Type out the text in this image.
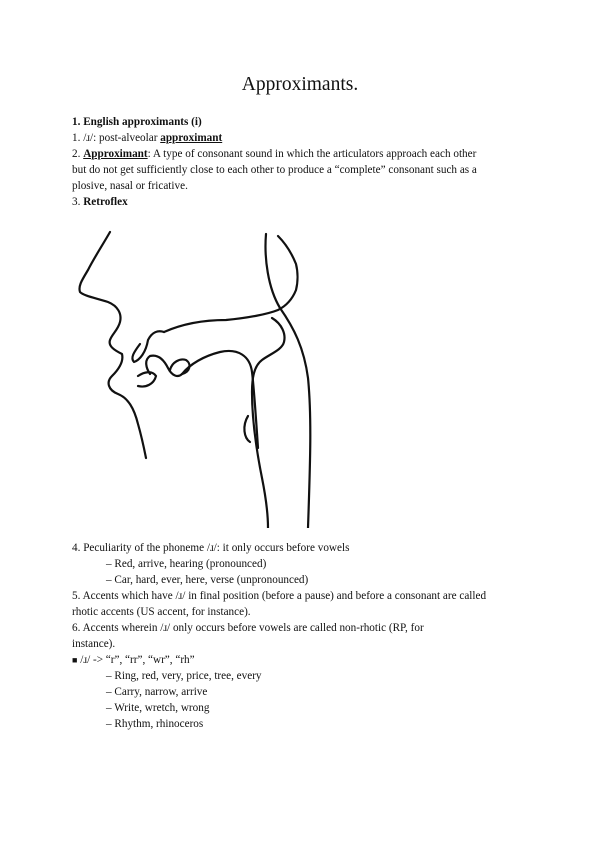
Approximants.
1. English approximants (i)
1. /ɹ/: post-alveolar approximant
2. Approximant: A type of consonant sound in which the articulators approach each other
but do not get sufficiently close to each other to produce a “complete” consonant such as a
plosive, nasal or fricative.
3. Retroflex
4. Peculiarity of the phoneme /ɹ/: it only occurs before vowels
– Red, arrive, hearing (pronounced)
– Car, hard, ever, here, verse (unpronounced)
5. Accents which have /ɹ/ in final position (before a pause) and before a consonant are called
rhotic accents (US accent, for instance).
6. Accents wherein /ɹ/ only occurs before vowels are called non-rhotic (RP, for
instance).
■ /ɹ/ -> “r”, “rr”, “wr”, “rh”
– Ring, red, very, price, tree, every
– Carry, narrow, arrive
– Write, wretch, wrong
– Rhythm, rhinoceros
